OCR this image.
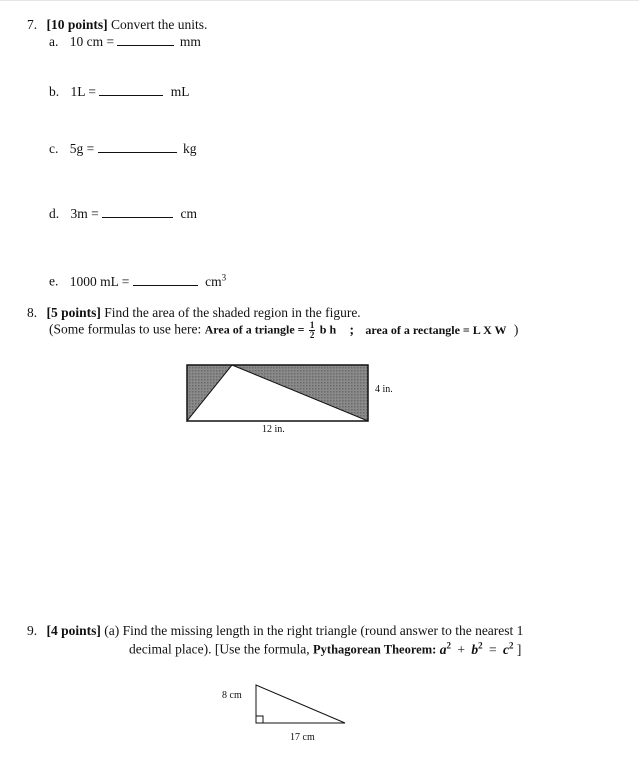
7. [10 points] Convert the units.
a. 10 cm =	mm
b. 1L =	mL
c. 5g =	kg
d. 3m =	cm
e. 1000 mL =	$cm^3$
8. [5 points] Find the area of the shaded region in the figure.
(Some formulas to use here: Area of a triangle = $\frac{1}{2}$ b h ; area of a rectangle = L X W )
4 in.
12 in.
9. [4 points] (a) Find the missing length in the right triangle (round answer to the nearest 1
decimal place). [Use the formula, Pythagorean Theorem: $a^2 + b^2 = c^2$ ]
8 cm
17 cm
